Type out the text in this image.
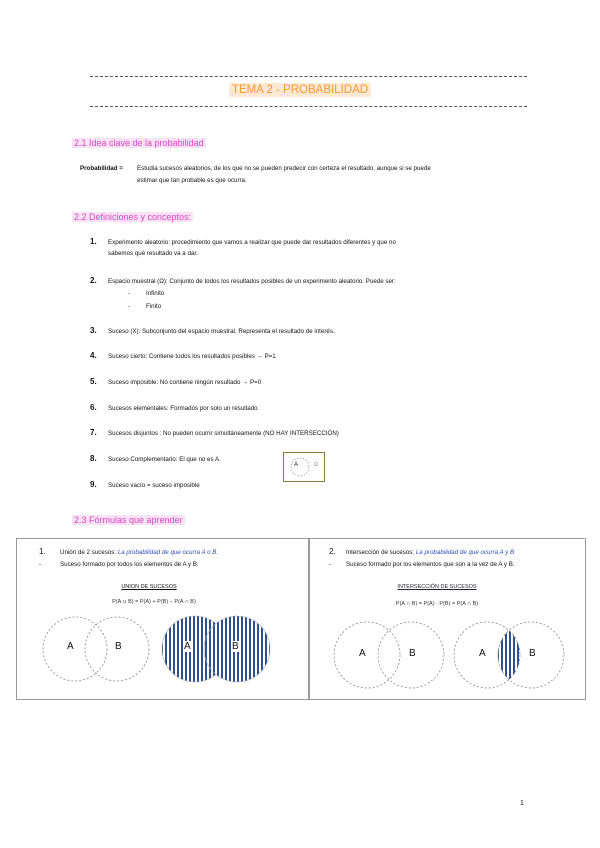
TEMA 2 - PROBABILIDAD
2.1 Idea clave de la probabilidad
Probabilidad = Estudia sucesos aleatorios, de los que no se pueden predecir con certeza el resultado, aunque si se puede
estimar que tan probable es que ocurra.
2.2 Definiciones y conceptos:
1. Experimento aleatorio: procedimiento que vamos a realizar que puede dar resultados diferentes y que no
sabemos qué resultado va a dar.
2. Espacio muestral (Ω): Conjunto de todos los resultados posibles de un experimento aleatorio. Puede ser:
-	Infinito
-	Finito
3. Suceso (X): Subconjunto del espacio muestral. Representa el resultado de interés.
4. Suceso cierto: Contiene todos los resultados posibles → P=1
5. Suceso imposible: No contiene ningún resultado → P=0
6. Sucesos elementales: Formados por solo un resultado
7. Sucesos disjuntos : No pueden ocurrir simultáneamente (NO HAY INTERSECCIÓN)
8. Suceso Complementario: El que no es A.
9. Suceso vacío = suceso imposible
Ω
A
2.3 Fórmulas que aprender
1. Unión de 2 sucesos: La probabilidad de que ocurra A o B.
-	Suceso formado por todos los elementos de A y B.
UNION DE SUCESOS
P(A ∪ B) = P(A) + P(B) − P(A ∩ B)
A	B	A	B
2. Intersección de sucesos: La probabilidad de que ocurra A y B
- Suceso formado por los elementos que son a la vez de A y B.
INTERSECCIÓN DE SUCESOS
P(A ∩ B) = P(A) · P(B) = P(A ∩ B)
A	B	A	B
1
